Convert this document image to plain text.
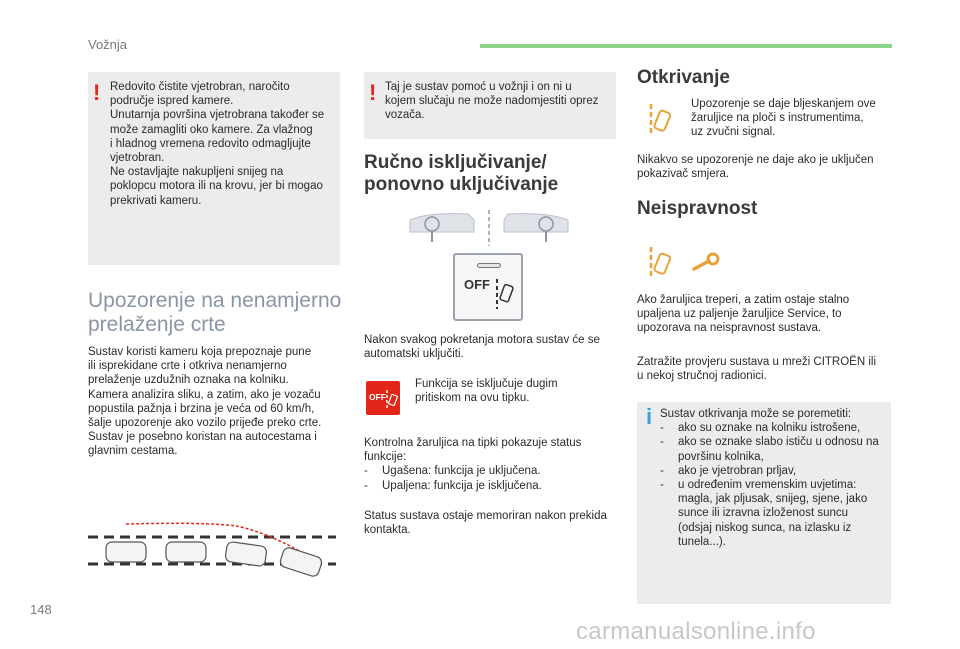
Vožnja
! Redovito čistite vjetrobran, naročito
područje ispred kamere.
Unutarnja površina vjetrobrana također se
može zamagliti oko kamere. Za vlažnog
i hladnog vremena redovito odmagljujte
vjetrobran.
Ne ostavljajte nakupljeni snijeg na
poklopcu motora ili na krovu, jer bi mogao
prekrivati kameru.
Upozorenje na nenamjerno
prelaženje crte
Sustav koristi kameru koja prepoznaje pune
ili isprekidane crte i otkriva nenamjerno
prelaženje uzdužnih oznaka na kolniku.
Kamera analizira sliku, a zatim, ako je vozaču
popustila pažnja i brzina je veća od 60 km/h,
šalje upozorenje ako vozilo prijeđe preko crte.
Sustav je posebno koristan na autocestama i
glavnim cestama.
! Taj je sustav pomoć u vožnji i on ni u
kojem slučaju ne može nadomjestiti oprez
vozača.
Ručno isključivanje/
ponovno uključivanje
OFF
Nakon svakog pokretanja motora sustav će se
automatski uključiti.
OFF
Funkcija se isključuje dugim
pritiskom na ovu tipku.
Kontrolna žaruljica na tipki pokazuje status
funkcije:
-	Ugašena: funkcija je uključena.
-	Upaljena: funkcija je isključena.
Status sustava ostaje memoriran nakon prekida
kontakta.
Otkrivanje
Upozorenje se daje bljeskanjem ove
žaruljice na ploči s instrumentima,
uz zvučni signal.
Nikakvo se upozorenje ne daje ako je uključen
pokazivač smjera.
Neispravnost
Ako žaruljica treperi, a zatim ostaje stalno
upaljena uz paljenje žaruljice Service, to
upozorava na neispravnost sustava.
Zatražite provjeru sustava u mreži CITROËN ili
u nekoj stručnoj radionici.
i Sustav otkrivanja može se poremetiti:
-	ako su oznake na kolniku istrošene,
-	ako se oznake slabo ističu u odnosu na
površinu kolnika,
-	ako je vjetrobran prljav,
-	u određenim vremenskim uvjetima:
magla, jak pljusak, snijeg, sjene, jako
sunce ili izravna izloženost suncu
(odsjaj niskog sunca, na izlasku iz
tunela...).
148
carmanualsonline.info
